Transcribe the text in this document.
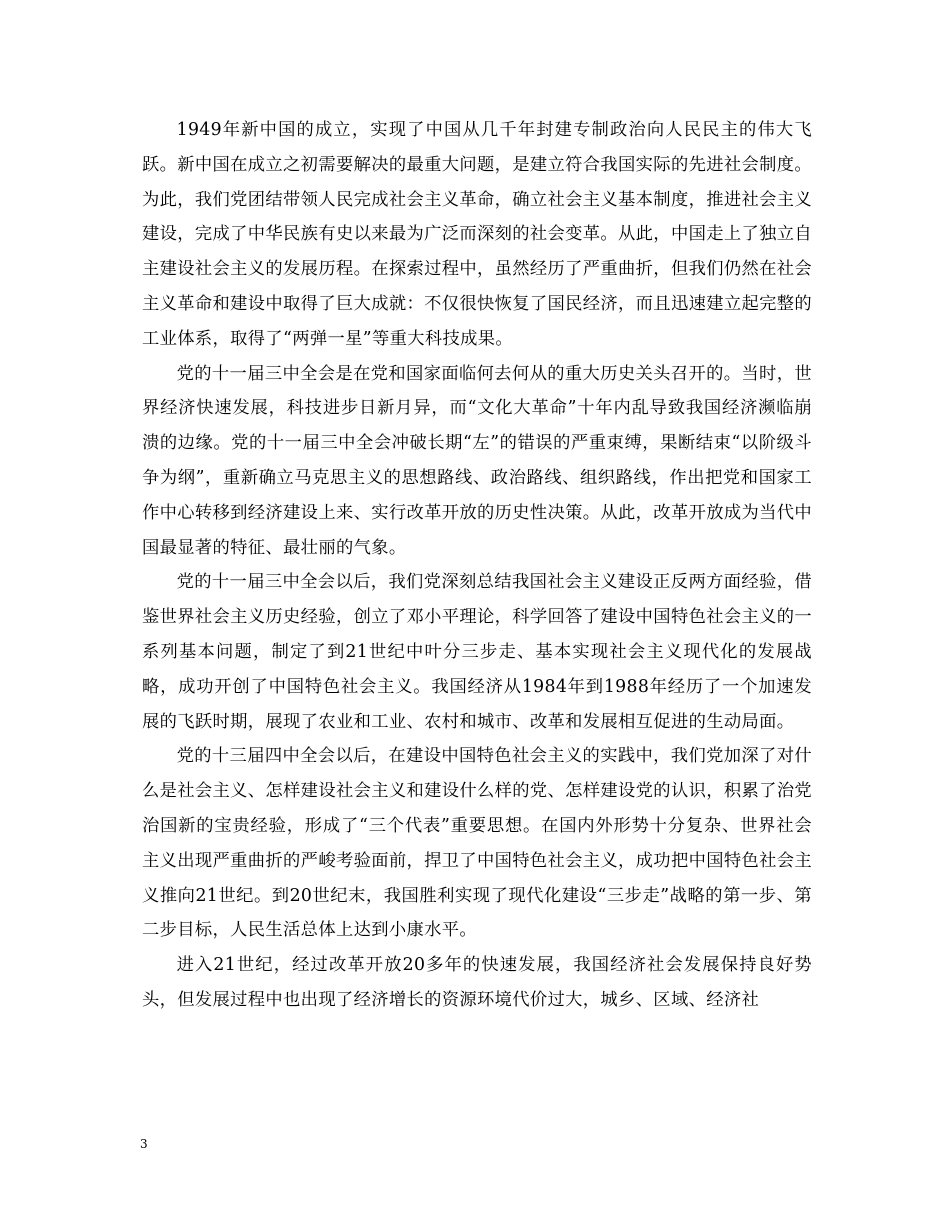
1949年新中国的成立，实现了中国从几千年封建专制政治向人民民主的伟大飞跃。新中国在成立之初需要解决的最重大问题，是建立符合我国实际的先进社会制度。为此，我们党团结带领人民完成社会主义革命，确立社会主义基本制度，推进社会主义建设，完成了中华民族有史以来最为广泛而深刻的社会变革。从此，中国走上了独立自主建设社会主义的发展历程。在探索过程中，虽然经历了严重曲折，但我们仍然在社会主义革命和建设中取得了巨大成就：不仅很快恢复了国民经济，而且迅速建立起完整的工业体系，取得了“两弹一星”等重大科技成果。

党的十一届三中全会是在党和国家面临何去何从的重大历史关头召开的。当时，世界经济快速发展，科技进步日新月异，而“文化大革命”十年内乱导致我国经济濒临崩溃的边缘。党的十一届三中全会冲破长期“左”的错误的严重束缚，果断结束“以阶级斗争为纲”，重新确立马克思主义的思想路线、政治路线、组织路线，作出把党和国家工作中心转移到经济建设上来、实行改革开放的历史性决策。从此，改革开放成为当代中国最显著的特征、最壮丽的气象。

党的十一届三中全会以后，我们党深刻总结我国社会主义建设正反两方面经验，借鉴世界社会主义历史经验，创立了邓小平理论，科学回答了建设中国特色社会主义的一系列基本问题，制定了到21世纪中叶分三步走、基本实现社会主义现代化的发展战略，成功开创了中国特色社会主义。我国经济从1984年到1988年经历了一个加速发展的飞跃时期，展现了农业和工业、农村和城市、改革和发展相互促进的生动局面。

党的十三届四中全会以后，在建设中国特色社会主义的实践中，我们党加深了对什么是社会主义、怎样建设社会主义和建设什么样的党、怎样建设党的认识，积累了治党治国新的宝贵经验，形成了“三个代表”重要思想。在国内外形势十分复杂、世界社会主义出现严重曲折的严峻考验面前，捍卫了中国特色社会主义，成功把中国特色社会主义推向21世纪。到20世纪末，我国胜利实现了现代化建设“三步走”战略的第一步、第二步目标，人民生活总体上达到小康水平。

进入21世纪，经过改革开放20多年的快速发展，我国经济社会发展保持良好势头，但发展过程中也出现了经济增长的资源环境代价过大，城乡、区域、经济社

3
